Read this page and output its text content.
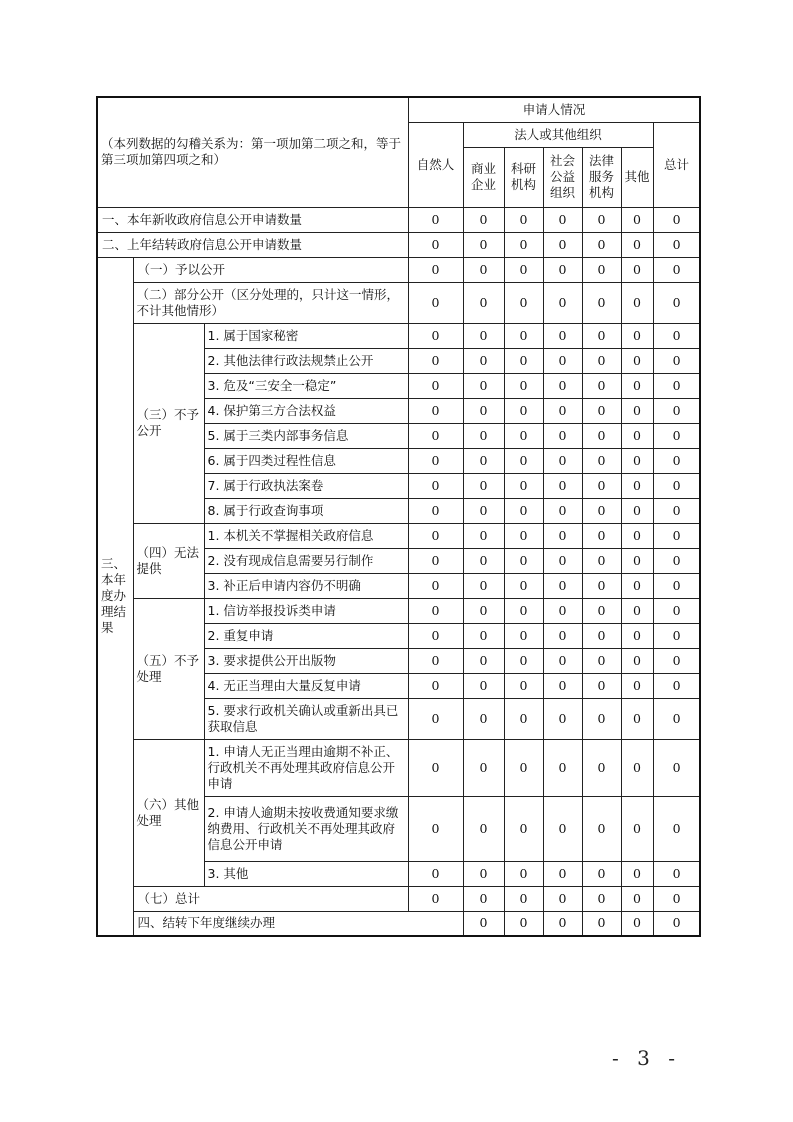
（本列数据的勾稽关系为：第一项加第二项之和，等于第三项加第四项之和）			申请人情况							
			自然人	法人或其他组织					总计	

				商业企业	科研机构	社会公益组织	法律服务机构	其他		
一、本年新收政府信息公开申请数量			0	0	0	0	0	0	0	
二、上年结转政府信息公开申请数量			0	0	0	0	0	0	0	
三、本年度办理结果	（一）予以公开		0	0	0	0	0	0	0	
	（二）部分公开（区分处理的，只计这一情形，不计其他情形）		0	0	0	0	0	0	0	
	（三）不予公开	1. 属于国家秘密	0	0	0	0	0	0	0	
		2. 其他法律行政法规禁止公开	0	0	0	0	0	0	0	
		3. 危及“三安全一稳定”	0	0	0	0	0	0	0	
		4. 保护第三方合法权益	0	0	0	0	0	0	0	
		5. 属于三类内部事务信息	0	0	0	0	0	0	0	
		6. 属于四类过程性信息	0	0	0	0	0	0	0	
		7. 属于行政执法案卷	0	0	0	0	0	0	0	
		8. 属于行政查询事项	0	0	0	0	0	0	0	
	（四）无法提供	1. 本机关不掌握相关政府信息	0	0	0	0	0	0	0	
		2. 没有现成信息需要另行制作	0	0	0	0	0	0	0	
		3. 补正后申请内容仍不明确	0	0	0	0	0	0	0	
	（五）不予处理	1. 信访举报投诉类申请	0	0	0	0	0	0	0	
		2. 重复申请	0	0	0	0	0	0	0	
		3. 要求提供公开出版物	0	0	0	0	0	0	0	
		4. 无正当理由大量反复申请	0	0	0	0	0	0	0	
		5. 要求行政机关确认或重新出具已获取信息	0	0	0	0	0	0	0	
	（六）其他处理	1. 申请人无正当理由逾期不补正、行政机关不再处理其政府信息公开申请	0	0	0	0	0	0	0	
		2. 申请人逾期未按收费通知要求缴纳费用、行政机关不再处理其政府信息公开申请	0	0	0	0	0	0	0	
		3. 其他	0	0	0	0	0	0	0	
	（七）总计		0	0	0	0	0	0	0	
	四、结转下年度继续办理			0	0	0	0	0	0	
- 3 -
